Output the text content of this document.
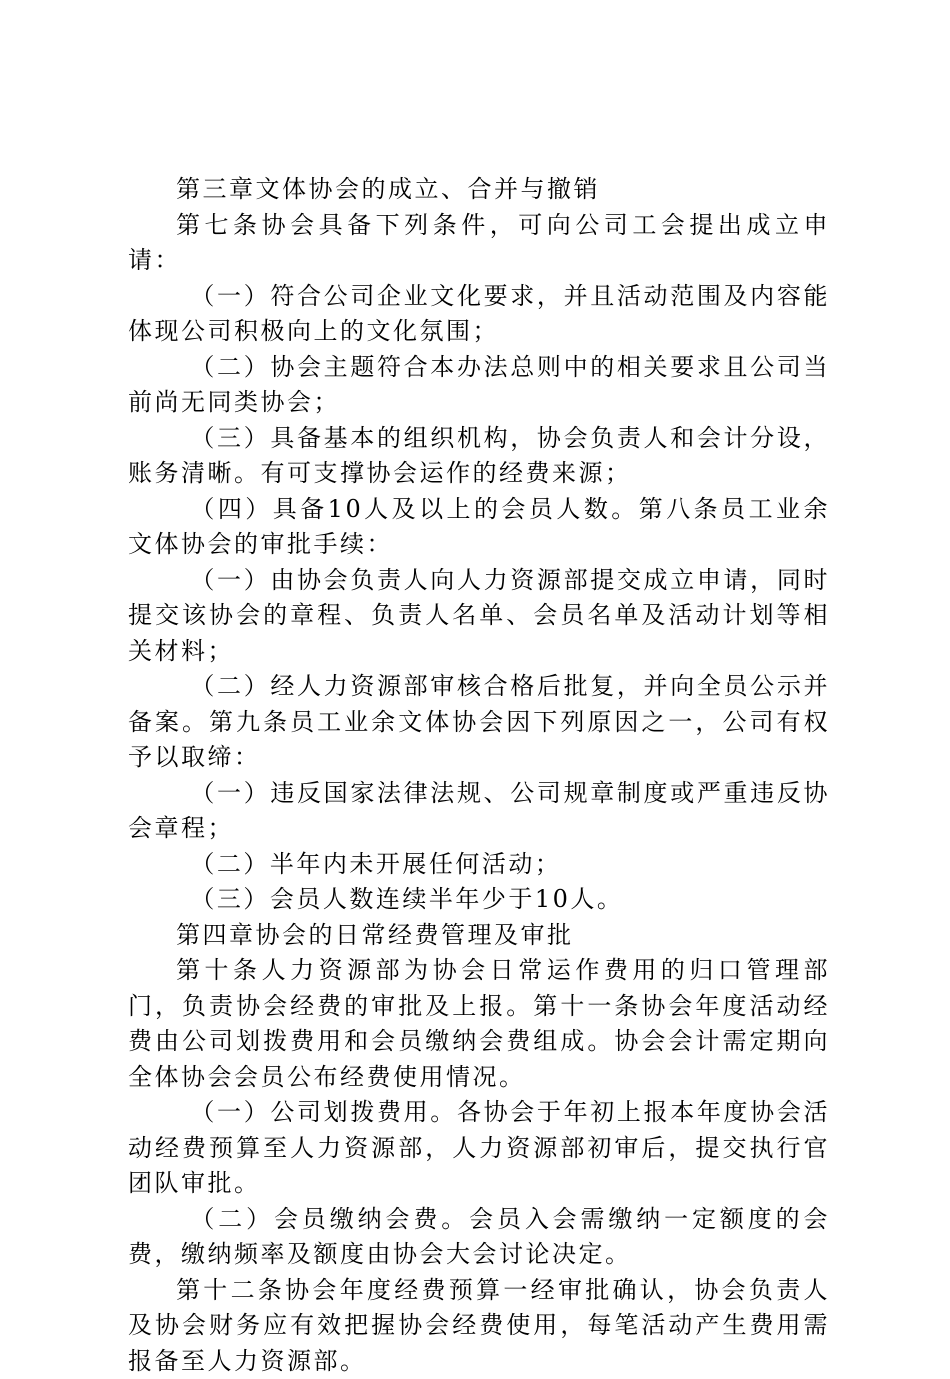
第三章文体协会的成立、合并与撤销

第七条协会具备下列条件，可向公司工会提出成立申请：

（一）符合公司企业文化要求，并且活动范围及内容能体现公司积极向上的文化氛围；

（二）协会主题符合本办法总则中的相关要求且公司当前尚无同类协会；

（三）具备基本的组织机构，协会负责人和会计分设，账务清晰。有可支撑协会运作的经费来源；

（四）具备10人及以上的会员人数。第八条员工业余文体协会的审批手续：

（一）由协会负责人向人力资源部提交成立申请，同时提交该协会的章程、负责人名单、会员名单及活动计划等相关材料；

（二）经人力资源部审核合格后批复，并向全员公示并备案。第九条员工业余文体协会因下列原因之一，公司有权予以取缔：

（一）违反国家法律法规、公司规章制度或严重违反协会章程；

（二）半年内未开展任何活动；

（三）会员人数连续半年少于10人。

第四章协会的日常经费管理及审批

第十条人力资源部为协会日常运作费用的归口管理部门，负责协会经费的审批及上报。第十一条协会年度活动经费由公司划拨费用和会员缴纳会费组成。协会会计需定期向全体协会会员公布经费使用情况。

（一）公司划拨费用。各协会于年初上报本年度协会活动经费预算至人力资源部，人力资源部初审后，提交执行官团队审批。

（二）会员缴纳会费。会员入会需缴纳一定额度的会费，缴纳频率及额度由协会大会讨论决定。

第十二条协会年度经费预算一经审批确认，协会负责人及协会财务应有效把握协会经费使用，每笔活动产生费用需报备至人力资源部。
